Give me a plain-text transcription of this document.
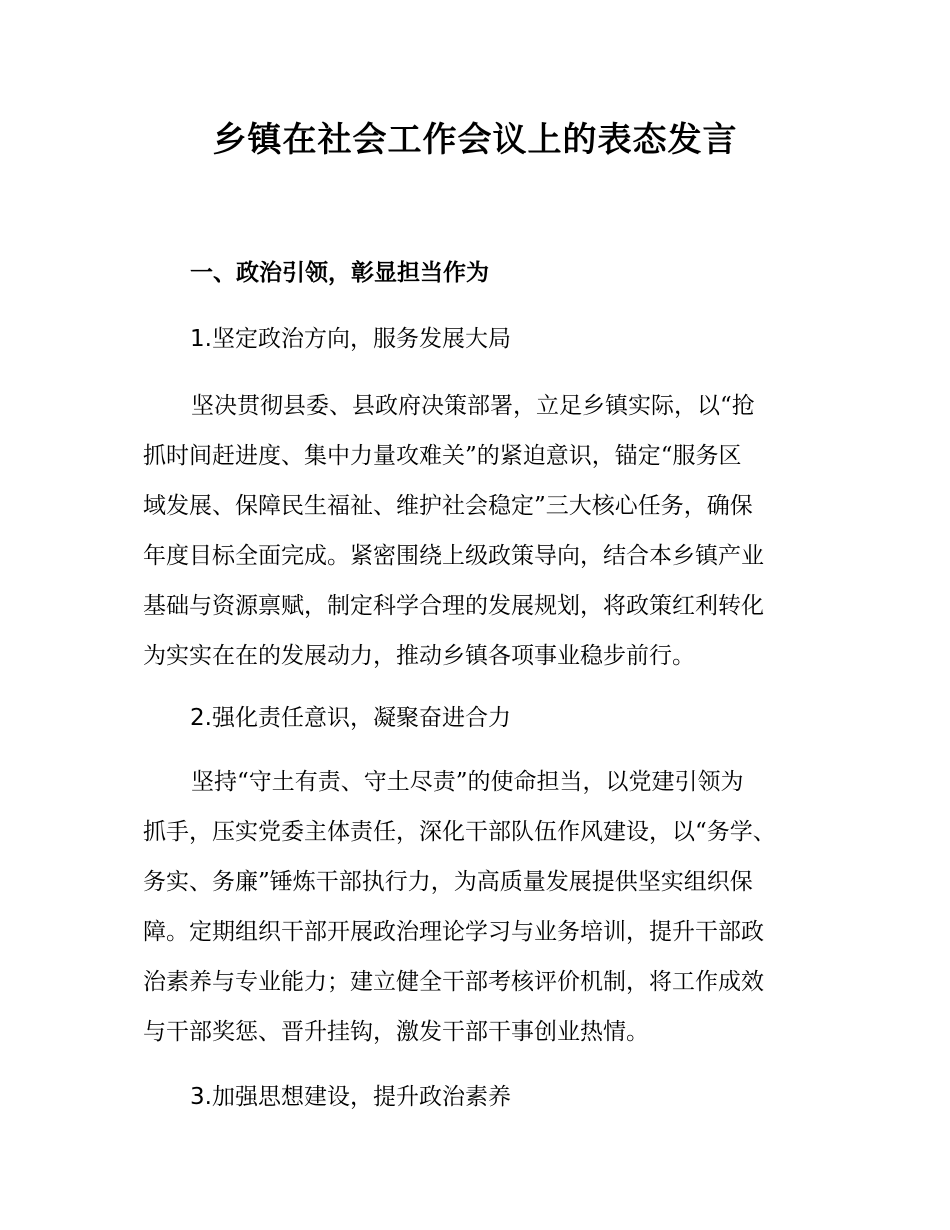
乡镇在社会工作会议上的表态发言
一、政治引领，彰显担当作为
1.坚定政治方向，服务发展大局
坚决贯彻县委、县政府决策部署，立足乡镇实际，以“抢
抓时间赶进度、集中力量攻难关”的紧迫意识，锚定“服务区
域发展、保障民生福祉、维护社会稳定”三大核心任务，确保
年度目标全面完成。紧密围绕上级政策导向，结合本乡镇产业
基础与资源禀赋，制定科学合理的发展规划，将政策红利转化
为实实在在的发展动力，推动乡镇各项事业稳步前行。
2.强化责任意识，凝聚奋进合力
坚持“守土有责、守土尽责”的使命担当，以党建引领为
抓手，压实党委主体责任，深化干部队伍作风建设，以“务学、
务实、务廉”锤炼干部执行力，为高质量发展提供坚实组织保
障。定期组织干部开展政治理论学习与业务培训，提升干部政
治素养与专业能力；建立健全干部考核评价机制，将工作成效
与干部奖惩、晋升挂钩，激发干部干事创业热情。
3.加强思想建设，提升政治素养
